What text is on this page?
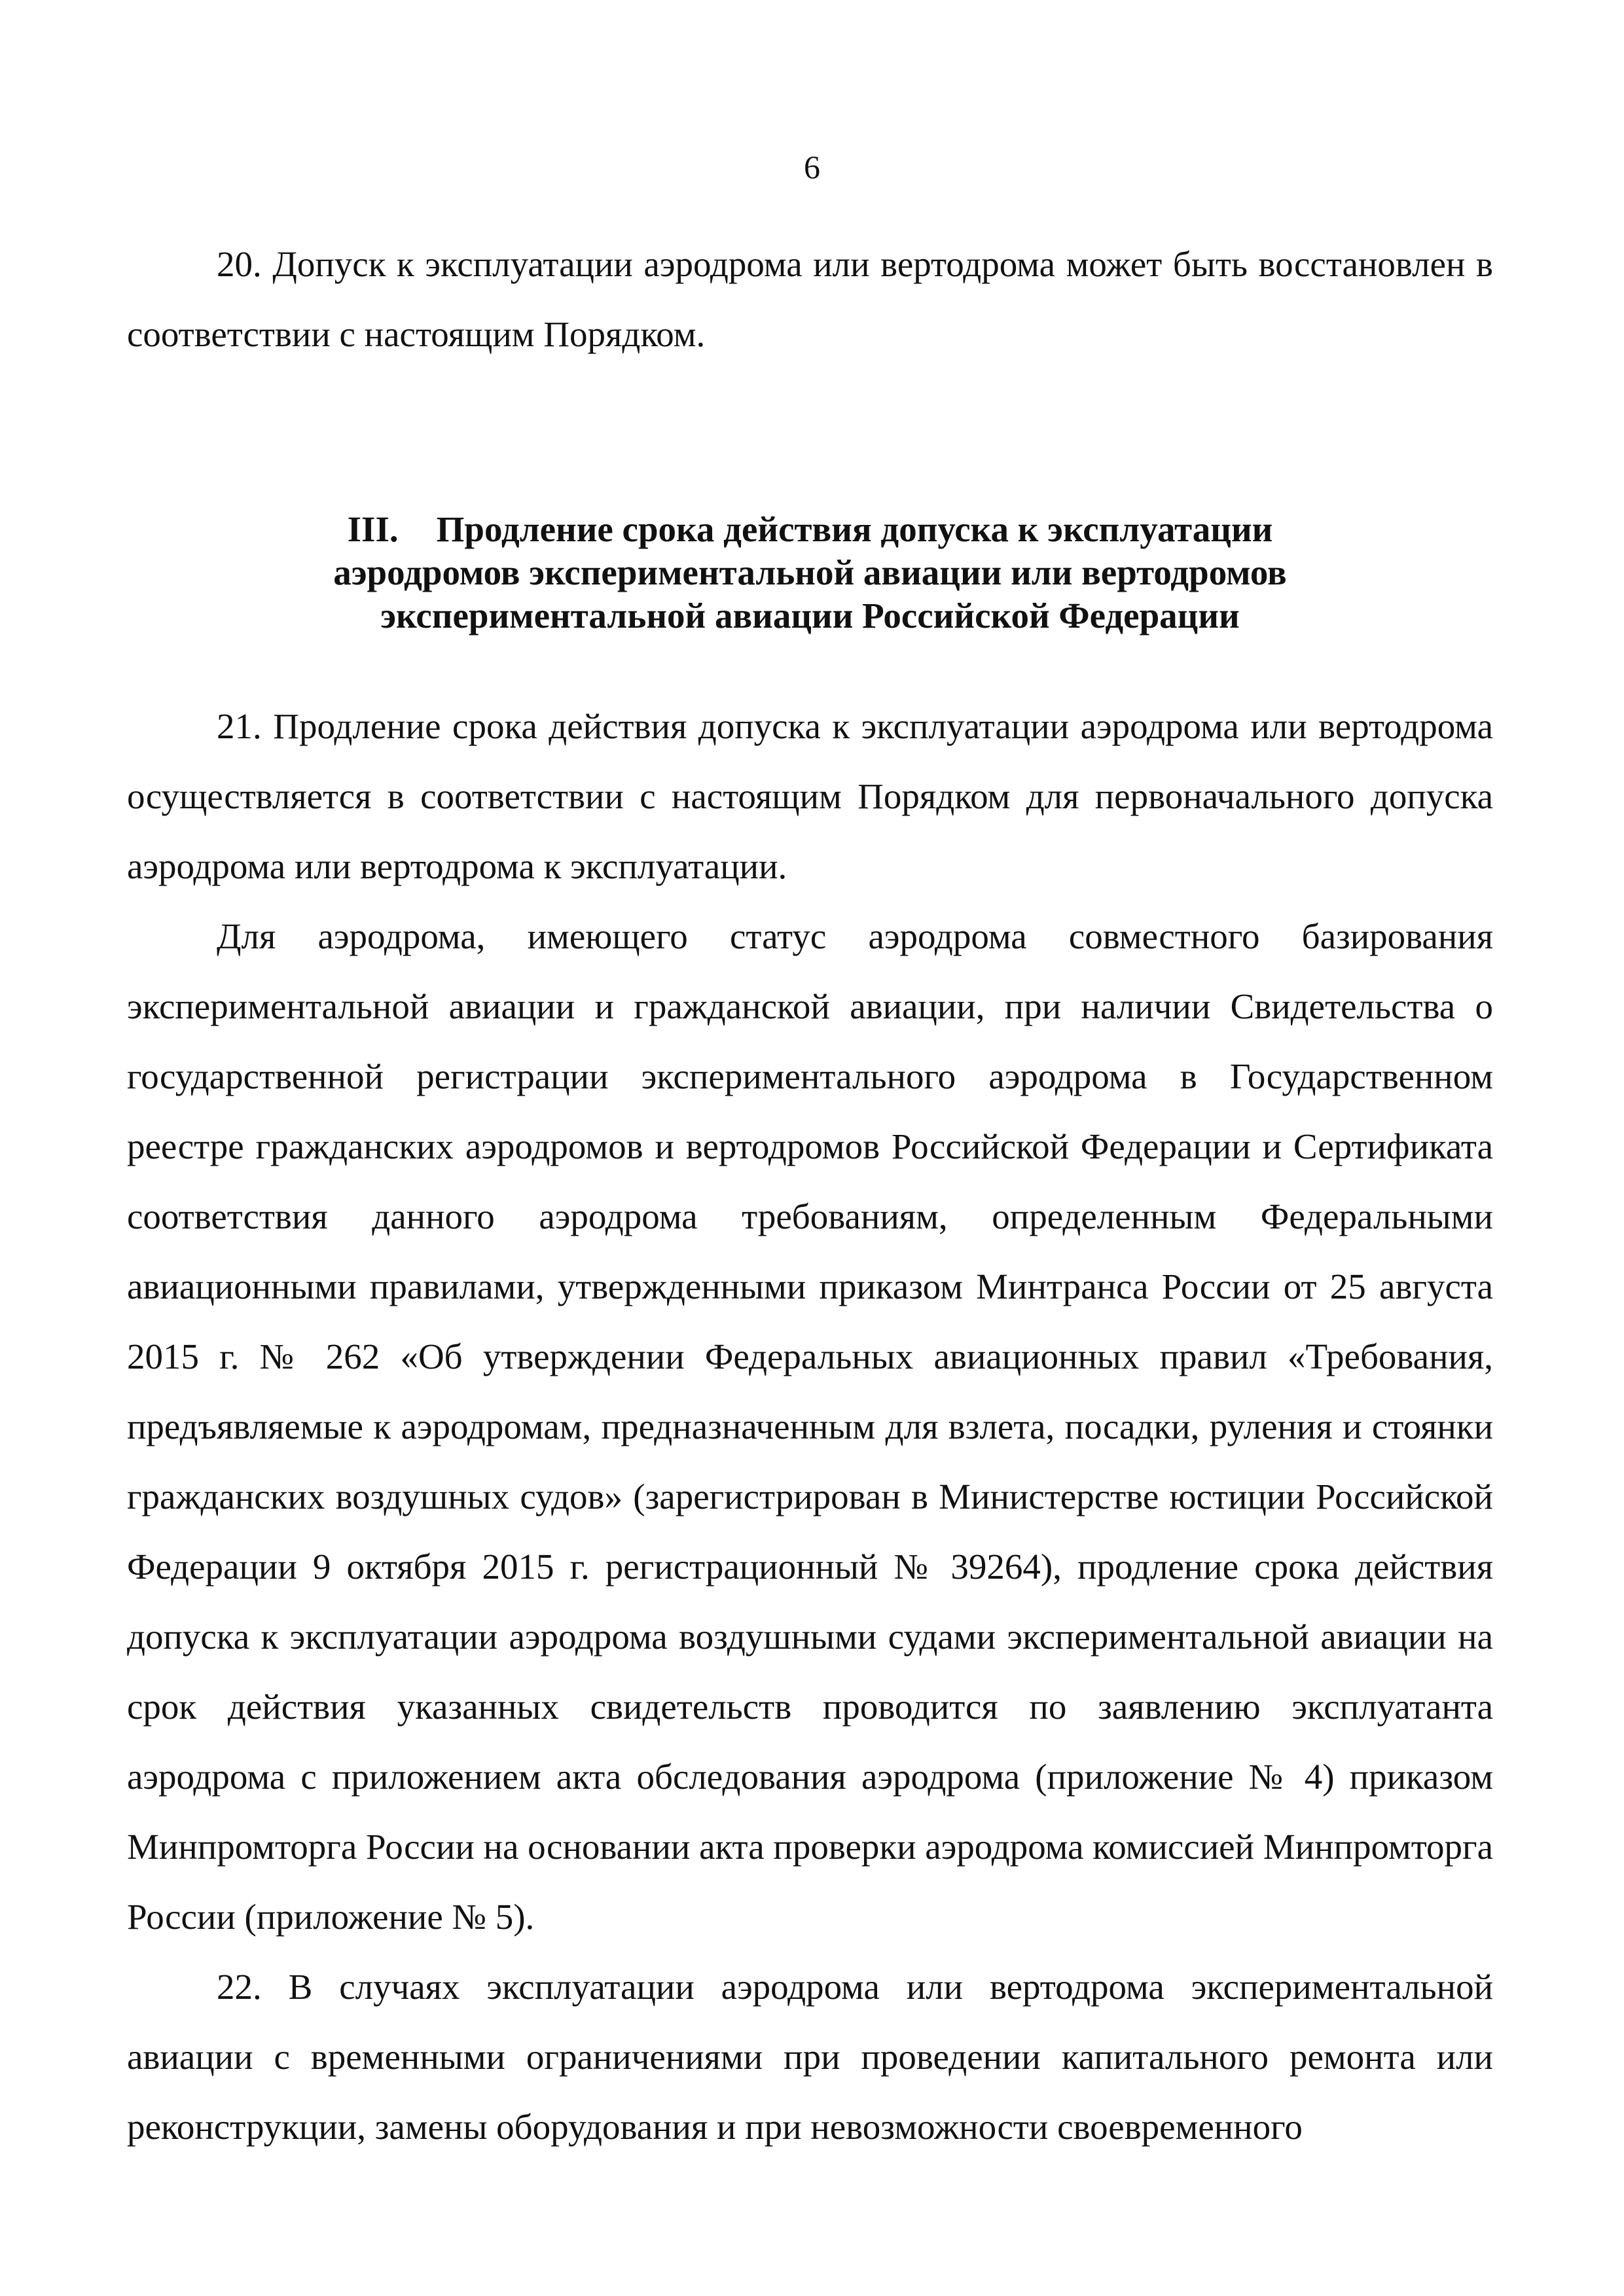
6

20. Допуск к эксплуатации аэродрома или вертодрома может быть восстановлен в соответствии с настоящим Порядком.

III. Продление срока действия допуска к эксплуатации
аэродромов экспериментальной авиации или вертодромов
экспериментальной авиации Российской Федерации

21. Продление срока действия допуска к эксплуатации аэродрома или вертодрома осуществляется в соответствии с настоящим Порядком для первоначального допуска аэродрома или вертодрома к эксплуатации.

Для аэродрома, имеющего статус аэродрома совместного базирования экспериментальной авиации и гражданской авиации, при наличии Свидетельства о государственной регистрации экспериментального аэродрома в Государственном реестре гражданских аэродромов и вертодромов Российской Федерации и Сертификата соответствия данного аэродрома требованиям, определенным Федеральными авиационными правилами, утвержденными приказом Минтранса России от 25 августа 2015 г. № 262 «Об утверждении Федеральных авиационных правил «Требования, предъявляемые к аэродромам, предназначенным для взлета, посадки, руления и стоянки гражданских воздушных судов» (зарегистрирован в Министерстве юстиции Российской Федерации 9 октября 2015 г. регистрационный № 39264), продление срока действия допуска к эксплуатации аэродрома воздушными судами экспериментальной авиации на срок действия указанных свидетельств проводится по заявлению эксплуатанта аэродрома с приложением акта обследования аэродрома (приложение № 4) приказом Минпромторга России на основании акта проверки аэродрома комиссией Минпромторга России (приложение № 5).

22. В случаях эксплуатации аэродрома или вертодрома экспериментальной авиации с временными ограничениями при проведении капитального ремонта или реконструкции, замены оборудования и при невозможности своевременного
